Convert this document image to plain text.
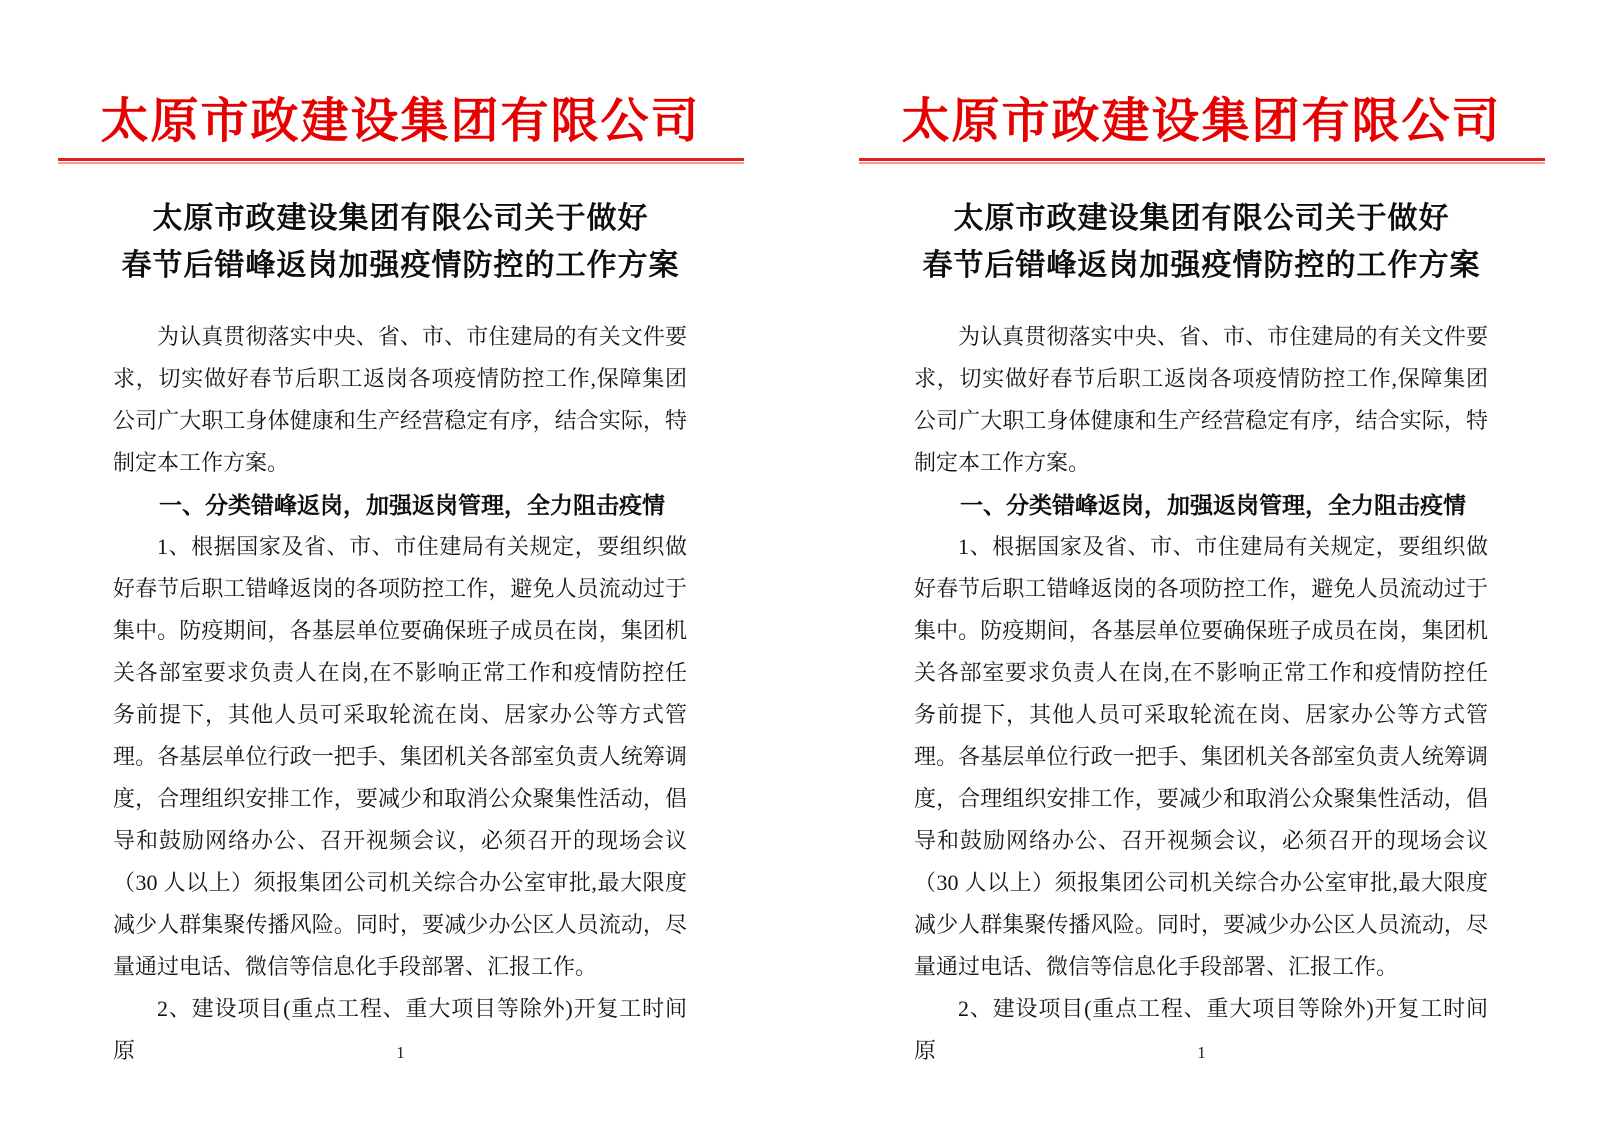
太原市政建设集团有限公司
太原市政建设集团有限公司关于做好
春节后错峰返岗加强疫情防控的工作方案

为认真贯彻落实中央、省、市、市住建局的有关文件要求，切实做好春节后职工返岗各项疫情防控工作,保障集团公司广大职工身体健康和生产经营稳定有序，结合实际，特制定本工作方案。

一、分类错峰返岗，加强返岗管理，全力阻击疫情

1、根据国家及省、市、市住建局有关规定，要组织做好春节后职工错峰返岗的各项防控工作，避免人员流动过于集中。防疫期间，各基层单位要确保班子成员在岗，集团机关各部室要求负责人在岗,在不影响正常工作和疫情防控任务前提下，其他人员可采取轮流在岗、居家办公等方式管理。各基层单位行政一把手、集团机关各部室负责人统筹调度，合理组织安排工作，要减少和取消公众聚集性活动，倡导和鼓励网络办公、召开视频会议，必须召开的现场会议（30 人以上）须报集团公司机关综合办公室审批,最大限度减少人群集聚传播风险。同时，要减少办公区人员流动，尽量通过电话、微信等信息化手段部署、汇报工作。

2、建设项目(重点工程、重大项目等除外)开复工时间原	1
太原市政建设集团有限公司
太原市政建设集团有限公司关于做好
春节后错峰返岗加强疫情防控的工作方案

为认真贯彻落实中央、省、市、市住建局的有关文件要求，切实做好春节后职工返岗各项疫情防控工作,保障集团公司广大职工身体健康和生产经营稳定有序，结合实际，特制定本工作方案。

一、分类错峰返岗，加强返岗管理，全力阻击疫情

1、根据国家及省、市、市住建局有关规定，要组织做好春节后职工错峰返岗的各项防控工作，避免人员流动过于集中。防疫期间，各基层单位要确保班子成员在岗，集团机关各部室要求负责人在岗,在不影响正常工作和疫情防控任务前提下，其他人员可采取轮流在岗、居家办公等方式管理。各基层单位行政一把手、集团机关各部室负责人统筹调度，合理组织安排工作，要减少和取消公众聚集性活动，倡导和鼓励网络办公、召开视频会议，必须召开的现场会议（30 人以上）须报集团公司机关综合办公室审批,最大限度减少人群集聚传播风险。同时，要减少办公区人员流动，尽量通过电话、微信等信息化手段部署、汇报工作。

2、建设项目(重点工程、重大项目等除外)开复工时间原	1
